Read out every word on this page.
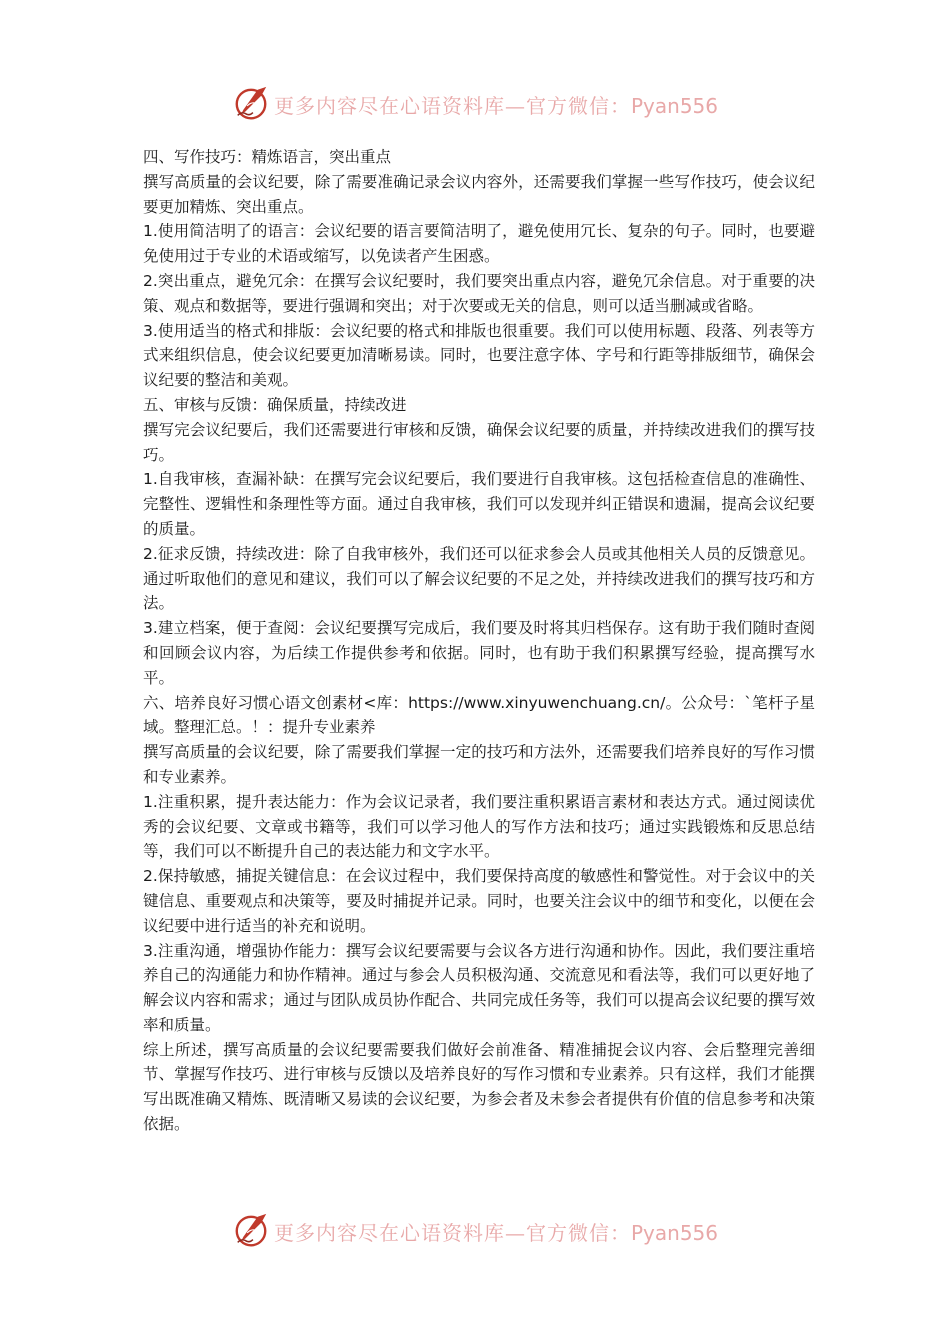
更多内容尽在心语资料库—官方微信：Pyan556

四、写作技巧：精炼语言，突出重点

撰写高质量的会议纪要，除了需要准确记录会议内容外，还需要我们掌握一些写作技巧，使会议纪要更加精炼、突出重点。

1.使用简洁明了的语言：会议纪要的语言要简洁明了，避免使用冗长、复杂的句子。同时，也要避免使用过于专业的术语或缩写，以免读者产生困惑。

2.突出重点，避免冗余：在撰写会议纪要时，我们要突出重点内容，避免冗余信息。对于重要的决策、观点和数据等，要进行强调和突出；对于次要或无关的信息，则可以适当删减或省略。

3.使用适当的格式和排版：会议纪要的格式和排版也很重要。我们可以使用标题、段落、列表等方式来组织信息，使会议纪要更加清晰易读。同时，也要注意字体、字号和行距等排版细节，确保会议纪要的整洁和美观。

五、审核与反馈：确保质量，持续改进

撰写完会议纪要后，我们还需要进行审核和反馈，确保会议纪要的质量，并持续改进我们的撰写技巧。

1.自我审核，查漏补缺：在撰写完会议纪要后，我们要进行自我审核。这包括检查信息的准确性、完整性、逻辑性和条理性等方面。通过自我审核，我们可以发现并纠正错误和遗漏，提高会议纪要的质量。

2.征求反馈，持续改进：除了自我审核外，我们还可以征求参会人员或其他相关人员的反馈意见。通过听取他们的意见和建议，我们可以了解会议纪要的不足之处，并持续改进我们的撰写技巧和方法。

3.建立档案，便于查阅：会议纪要撰写完成后，我们要及时将其归档保存。这有助于我们随时查阅和回顾会议内容，为后续工作提供参考和依据。同时，也有助于我们积累撰写经验，提高撰写水平。

六、培养良好习惯心语文创素材<库：https://www.xinyuwenchuang.cn/。公众号：`笔杆子星域。整理汇总。！：提升专业素养

撰写高质量的会议纪要，除了需要我们掌握一定的技巧和方法外，还需要我们培养良好的写作习惯和专业素养。

1.注重积累，提升表达能力：作为会议记录者，我们要注重积累语言素材和表达方式。通过阅读优秀的会议纪要、文章或书籍等，我们可以学习他人的写作方法和技巧；通过实践锻炼和反思总结等，我们可以不断提升自己的表达能力和文字水平。

2.保持敏感，捕捉关键信息：在会议过程中，我们要保持高度的敏感性和警觉性。对于会议中的关键信息、重要观点和决策等，要及时捕捉并记录。同时，也要关注会议中的细节和变化，以便在会议纪要中进行适当的补充和说明。

3.注重沟通，增强协作能力：撰写会议纪要需要与会议各方进行沟通和协作。因此，我们要注重培养自己的沟通能力和协作精神。通过与参会人员积极沟通、交流意见和看法等，我们可以更好地了解会议内容和需求；通过与团队成员协作配合、共同完成任务等，我们可以提高会议纪要的撰写效率和质量。

综上所述，撰写高质量的会议纪要需要我们做好会前准备、精准捕捉会议内容、会后整理完善细节、掌握写作技巧、进行审核与反馈以及培养良好的写作习惯和专业素养。只有这样，我们才能撰写出既准确又精炼、既清晰又易读的会议纪要，为参会者及未参会者提供有价值的信息参考和决策依据。

更多内容尽在心语资料库—官方微信：Pyan556
